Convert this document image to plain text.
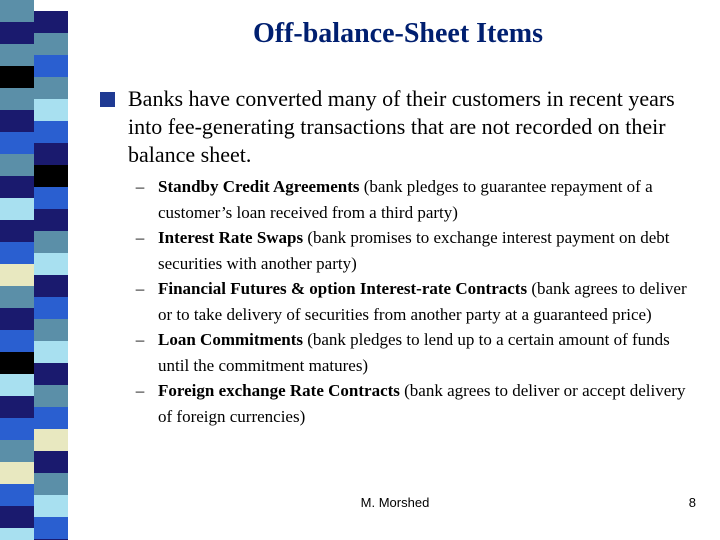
Off-balance-Sheet Items
Banks have converted many of their customers in recent years into fee-generating transactions that are not recorded on their balance sheet.
– Standby Credit Agreements (bank pledges to guarantee repayment of a customer’s loan received from a third party)
– Interest Rate Swaps (bank promises to exchange interest payment on debt securities with another party)
– Financial Futures & option Interest-rate Contracts (bank agrees to deliver or to take delivery of securities from another party at a guaranteed price)
– Loan Commitments (bank pledges to lend up to a certain amount of funds until the commitment matures)
– Foreign exchange Rate Contracts (bank agrees to deliver or accept delivery of foreign currencies)
M. Morshed	8
